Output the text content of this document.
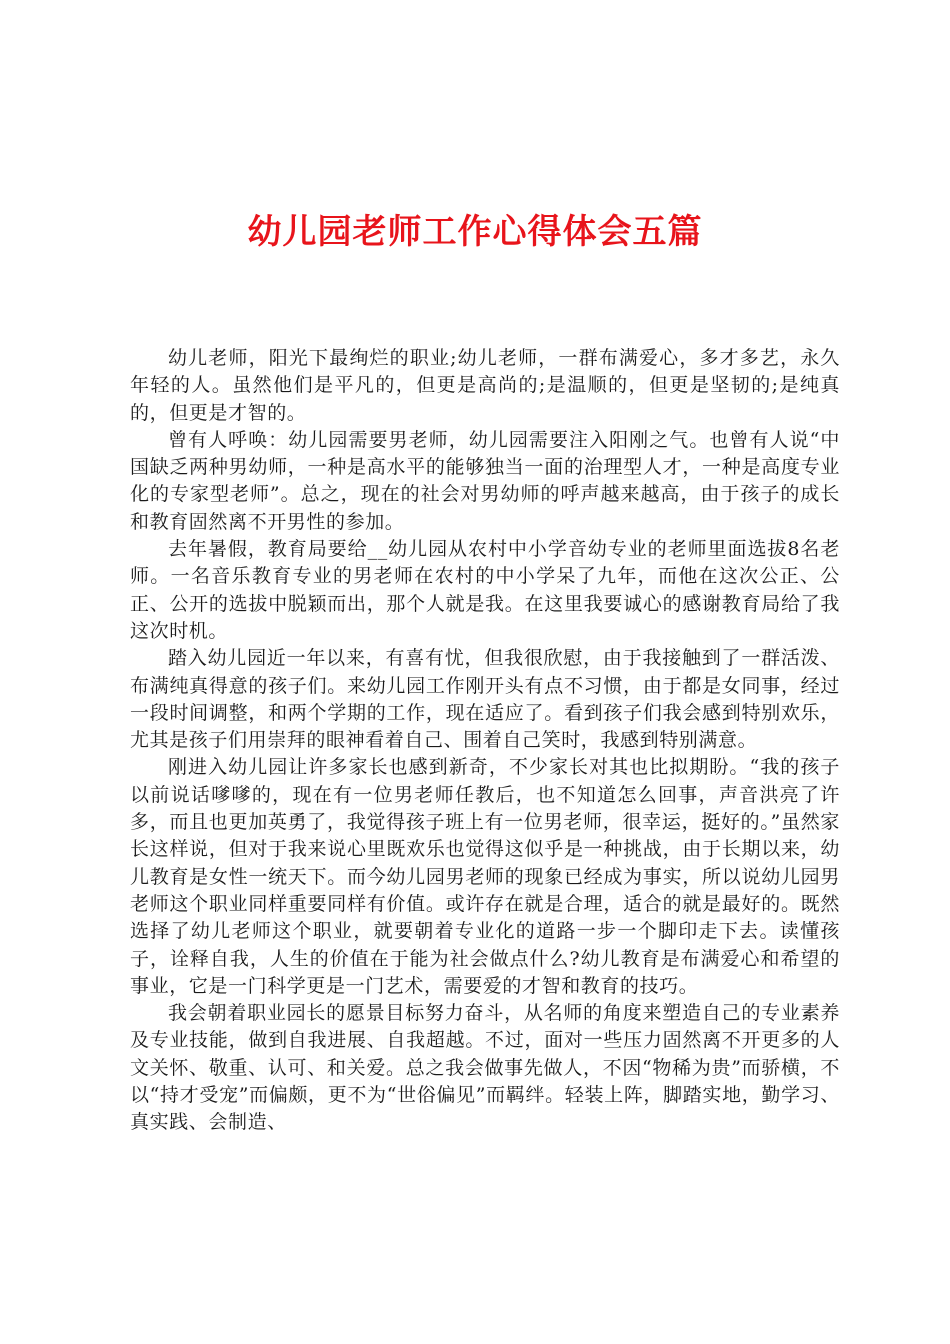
幼儿园老师工作心得体会五篇

幼儿老师，阳光下最绚烂的职业;幼儿老师，一群布满爱心，多才多艺，永久年轻的人。虽然他们是平凡的，但更是高尚的;是温顺的，但更是坚韧的;是纯真的，但更是才智的。

曾有人呼唤：幼儿园需要男老师，幼儿园需要注入阳刚之气。也曾有人说“中国缺乏两种男幼师，一种是高水平的能够独当一面的治理型人才，一种是高度专业化的专家型老师”。总之，现在的社会对男幼师的呼声越来越高，由于孩子的成长和教育固然离不开男性的参加。

去年暑假，教育局要给__幼儿园从农村中小学音幼专业的老师里面选拔8名老师。一名音乐教育专业的男老师在农村的中小学呆了九年，而他在这次公正、公正、公开的选拔中脱颖而出，那个人就是我。在这里我要诚心的感谢教育局给了我这次时机。

踏入幼儿园近一年以来，有喜有忧，但我很欣慰，由于我接触到了一群活泼、布满纯真得意的孩子们。来幼儿园工作刚开头有点不习惯，由于都是女同事，经过一段时间调整，和两个学期的工作，现在适应了。看到孩子们我会感到特别欢乐，尤其是孩子们用崇拜的眼神看着自己、围着自己笑时，我感到特别满意。

刚进入幼儿园让许多家长也感到新奇，不少家长对其也比拟期盼。“我的孩子以前说话嗲嗲的，现在有一位男老师任教后，也不知道怎么回事，声音洪亮了许多，而且也更加英勇了，我觉得孩子班上有一位男老师，很幸运，挺好的。”虽然家长这样说，但对于我来说心里既欢乐也觉得这似乎是一种挑战，由于长期以来，幼儿教育是女性一统天下。而今幼儿园男老师的现象已经成为事实，所以说幼儿园男老师这个职业同样重要同样有价值。或许存在就是合理，适合的就是最好的。既然选择了幼儿老师这个职业，就要朝着专业化的道路一步一个脚印走下去。读懂孩子，诠释自我，人生的价值在于能为社会做点什么?幼儿教育是布满爱心和希望的事业，它是一门科学更是一门艺术，需要爱的才智和教育的技巧。

我会朝着职业园长的愿景目标努力奋斗，从名师的角度来塑造自己的专业素养及专业技能，做到自我进展、自我超越。不过，面对一些压力固然离不开更多的人文关怀、敬重、认可、和关爱。总之我会做事先做人，不因“物稀为贵”而骄横，不以“持才受宠”而偏颇，更不为“世俗偏见”而羁绊。轻装上阵，脚踏实地，勤学习、真实践、会制造、
